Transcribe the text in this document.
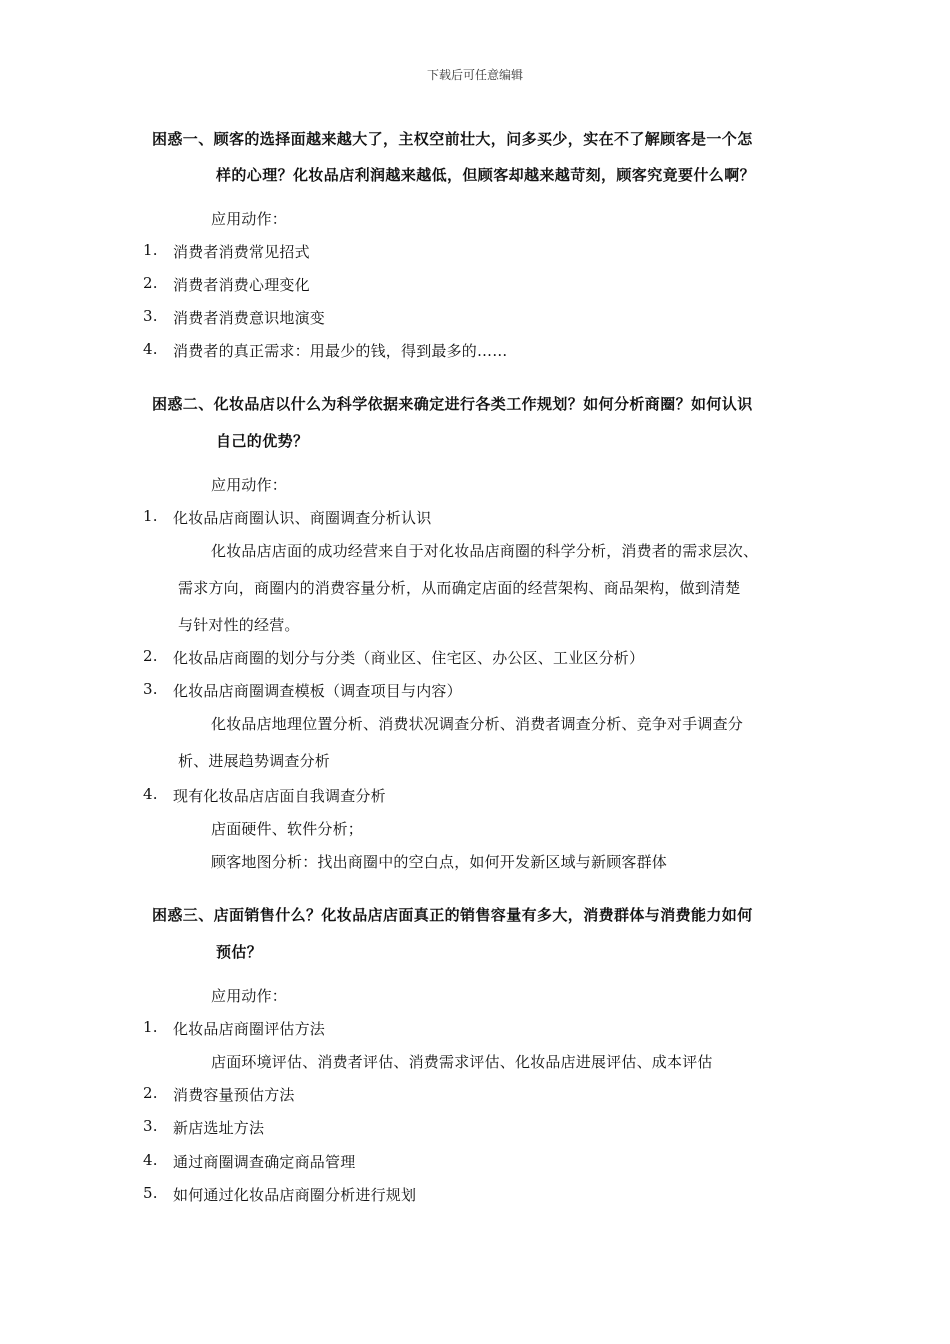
下载后可任意编辑
困惑一、顾客的选择面越来越大了，主权空前壮大，问多买少，实在不了解顾客是一个怎
样的心理？化妆品店利润越来越低，但顾客却越来越苛刻，顾客究竟要什么啊？
应用动作：
1. 消费者消费常见招式
2. 消费者消费心理变化
3. 消费者消费意识地演变
4. 消费者的真正需求：用最少的钱，得到最多的……
困惑二、化妆品店以什么为科学依据来确定进行各类工作规划？如何分析商圈？如何认识
自己的优势？
应用动作：
1. 化妆品店商圈认识、商圈调查分析认识
化妆品店店面的成功经营来自于对化妆品店商圈的科学分析，消费者的需求层次、
需求方向，商圈内的消费容量分析，从而确定店面的经营架构、商品架构，做到清楚
与针对性的经营。
2. 化妆品店商圈的划分与分类（商业区、住宅区、办公区、工业区分析）
3. 化妆品店商圈调查模板（调查项目与内容）
化妆品店地理位置分析、消费状况调查分析、消费者调查分析、竞争对手调查分
析、进展趋势调查分析
4. 现有化妆品店店面自我调查分析
店面硬件、软件分析；
顾客地图分析：找出商圈中的空白点，如何开发新区域与新顾客群体
困惑三、店面销售什么？化妆品店店面真正的销售容量有多大，消费群体与消费能力如何
预估？
应用动作：
1. 化妆品店商圈评估方法
店面环境评估、消费者评估、消费需求评估、化妆品店进展评估、成本评估
2. 消费容量预估方法
3. 新店选址方法
4. 通过商圈调查确定商品管理
5. 如何通过化妆品店商圈分析进行规划
